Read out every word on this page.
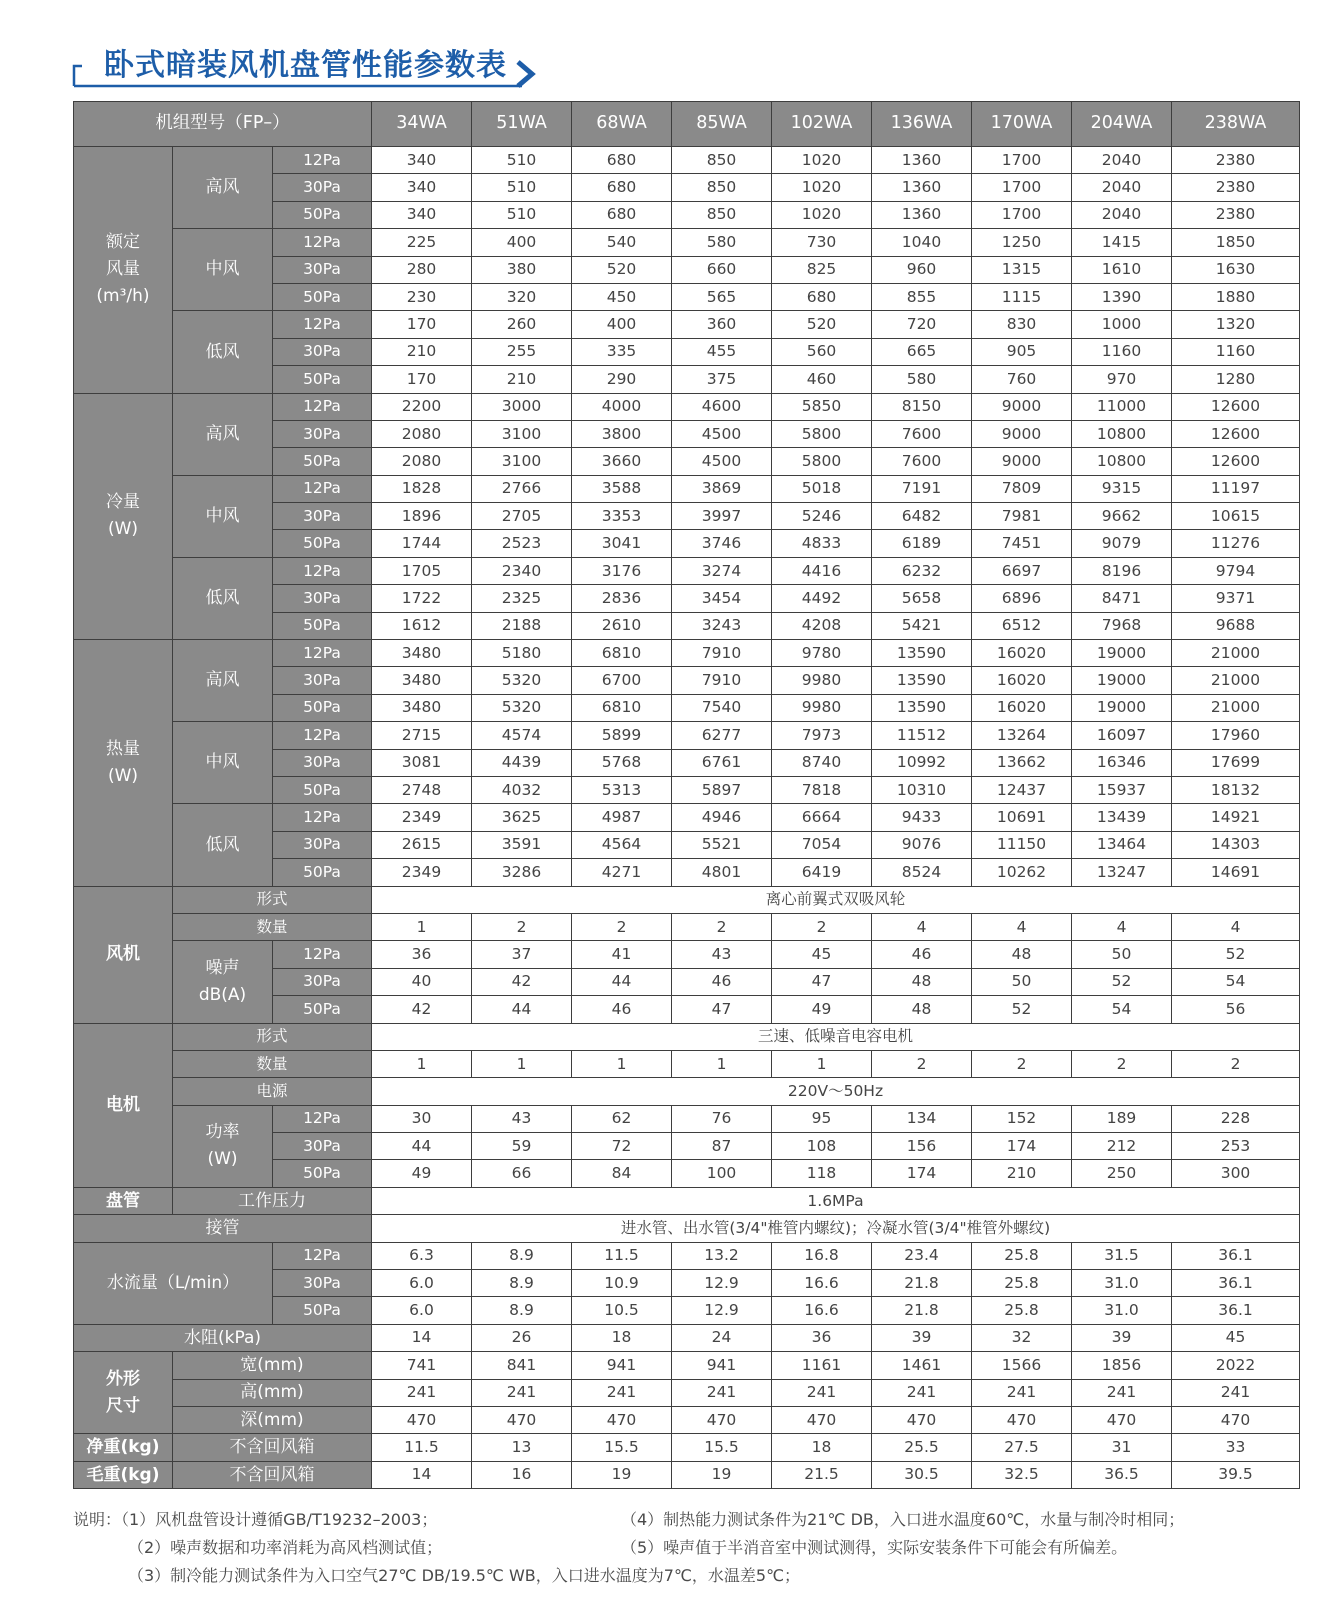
卧式暗装风机盘管性能参数表
机组型号（FP–）			34WA	51WA	68WA	85WA	102WA	136WA	170WA	204WA	238WA
额定
风量
(m³/h)	高风	12Pa	340	510	680	850	1020	1360	1700	2040	2380
		30Pa	340	510	680	850	1020	1360	1700	2040	2380
		50Pa	340	510	680	850	1020	1360	1700	2040	2380
	中风	12Pa	225	400	540	580	730	1040	1250	1415	1850
		30Pa	280	380	520	660	825	960	1315	1610	1630
		50Pa	230	320	450	565	680	855	1115	1390	1880
	低风	12Pa	170	260	400	360	520	720	830	1000	1320
		30Pa	210	255	335	455	560	665	905	1160	1160
		50Pa	170	210	290	375	460	580	760	970	1280
冷量
(W)	高风	12Pa	2200	3000	4000	4600	5850	8150	9000	11000	12600
		30Pa	2080	3100	3800	4500	5800	7600	9000	10800	12600
		50Pa	2080	3100	3660	4500	5800	7600	9000	10800	12600
	中风	12Pa	1828	2766	3588	3869	5018	7191	7809	9315	11197
		30Pa	1896	2705	3353	3997	5246	6482	7981	9662	10615
		50Pa	1744	2523	3041	3746	4833	6189	7451	9079	11276
	低风	12Pa	1705	2340	3176	3274	4416	6232	6697	8196	9794
		30Pa	1722	2325	2836	3454	4492	5658	6896	8471	9371
		50Pa	1612	2188	2610	3243	4208	5421	6512	7968	9688
热量
(W)	高风	12Pa	3480	5180	6810	7910	9780	13590	16020	19000	21000
		30Pa	3480	5320	6700	7910	9980	13590	16020	19000	21000
		50Pa	3480	5320	6810	7540	9980	13590	16020	19000	21000
	中风	12Pa	2715	4574	5899	6277	7973	11512	13264	16097	17960
		30Pa	3081	4439	5768	6761	8740	10992	13662	16346	17699
		50Pa	2748	4032	5313	5897	7818	10310	12437	15937	18132
	低风	12Pa	2349	3625	4987	4946	6664	9433	10691	13439	14921
		30Pa	2615	3591	4564	5521	7054	9076	11150	13464	14303
		50Pa	2349	3286	4271	4801	6419	8524	10262	13247	14691
风机	形式		离心前翼式双吸风轮								
	数量		1	2	2	2	2	4	4	4	4
	噪声
dB(A)	12Pa	36	37	41	43	45	46	48	50	52
		30Pa	40	42	44	46	47	48	50	52	54
		50Pa	42	44	46	47	49	48	52	54	56
电机	形式		三速、低噪音电容电机								
	数量		1	1	1	1	1	2	2	2	2
	电源		220V～50Hz								
	功率
(W)	12Pa	30	43	62	76	95	134	152	189	228
		30Pa	44	59	72	87	108	156	174	212	253
		50Pa	49	66	84	100	118	174	210	250	300
盘管	工作压力		1.6MPa								
接管			进水管、出水管(3/4"椎管内螺纹)；冷凝水管(3/4"椎管外螺纹)								
水流量（L/min）		12Pa	6.3	8.9	11.5	13.2	16.8	23.4	25.8	31.5	36.1
		30Pa	6.0	8.9	10.9	12.9	16.6	21.8	25.8	31.0	36.1
		50Pa	6.0	8.9	10.5	12.9	16.6	21.8	25.8	31.0	36.1
水阻(kPa)			14	26	18	24	36	39	32	39	45
外形
尺寸	宽(mm)		741	841	941	941	1161	1461	1566	1856	2022
	高(mm)		241	241	241	241	241	241	241	241	241
	深(mm)		470	470	470	470	470	470	470	470	470
净重(kg)	不含回风箱		11.5	13	15.5	15.5	18	25.5	27.5	31	33
毛重(kg)	不含回风箱		14	16	19	19	21.5	30.5	32.5	36.5	39.5
说明：（1）风机盘管设计遵循GB/T19232–2003；	（4）制热能力测试条件为21℃ DB，入口进水温度60℃，水量与制冷时相同；
（2）噪声数据和功率消耗为高风档测试值；	（5）噪声值于半消音室中测试测得，实际安装条件下可能会有所偏差。
（3）制冷能力测试条件为入口空气27℃ DB/19.5℃ WB，入口进水温度为7℃，水温差5℃；
